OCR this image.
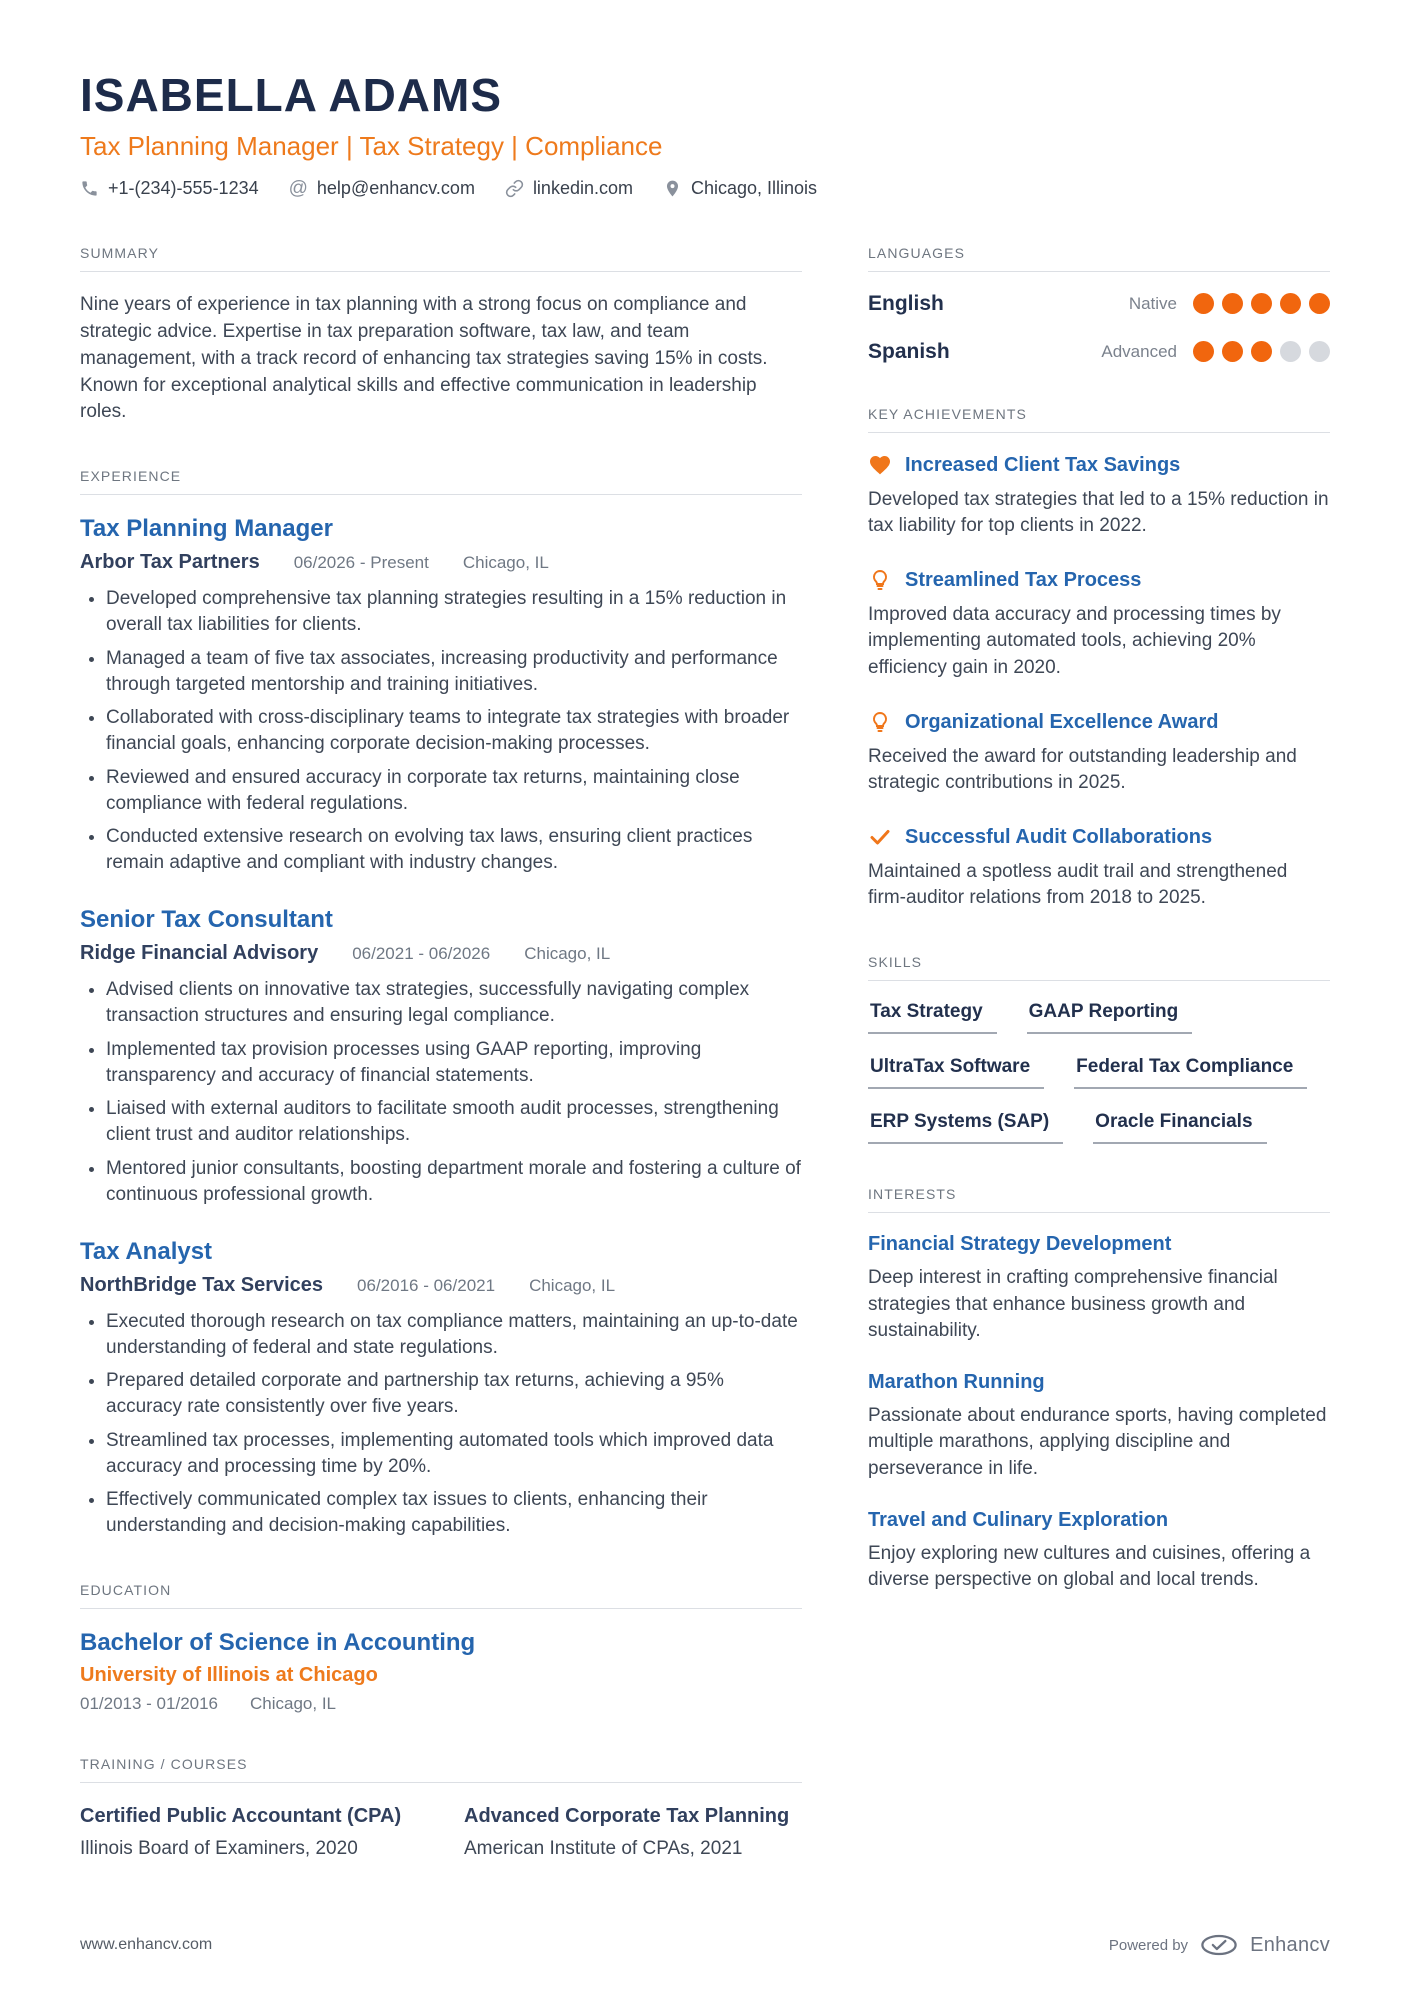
ISABELLA ADAMS
Tax Planning Manager | Tax Strategy | Compliance
+1-(234)-555-1234 @ help@enhancv.com	linkedin.com	Chicago, Illinois
SUMMARY

Nine years of experience in tax planning with a strong focus on compliance and strategic advice. Expertise in tax preparation software, tax law, and team management, with a track record of enhancing tax strategies saving 15% in costs. Known for exceptional analytical skills and effective communication in leadership roles.

EXPERIENCE
Tax Planning Manager
Arbor Tax Partners 06/2026 - Present Chicago, IL
• Developed comprehensive tax planning strategies resulting in a 15% reduction in overall tax liabilities for clients.
• Managed a team of five tax associates, increasing productivity and performance through targeted mentorship and training initiatives.
• Collaborated with cross-disciplinary teams to integrate tax strategies with broader financial goals, enhancing corporate decision-making processes.
• Reviewed and ensured accuracy in corporate tax returns, maintaining close compliance with federal regulations.
• Conducted extensive research on evolving tax laws, ensuring client practices remain adaptive and compliant with industry changes.
Senior Tax Consultant
Ridge Financial Advisory 06/2021 - 06/2026 Chicago, IL
• Advised clients on innovative tax strategies, successfully navigating complex transaction structures and ensuring legal compliance.
• Implemented tax provision processes using GAAP reporting, improving transparency and accuracy of financial statements.
• Liaised with external auditors to facilitate smooth audit processes, strengthening client trust and auditor relationships.
• Mentored junior consultants, boosting department morale and fostering a culture of continuous professional growth.
Tax Analyst
NorthBridge Tax Services 06/2016 - 06/2021 Chicago, IL
• Executed thorough research on tax compliance matters, maintaining an up-to-date understanding of federal and state regulations.
• Prepared detailed corporate and partnership tax returns, achieving a 95% accuracy rate consistently over five years.
• Streamlined tax processes, implementing automated tools which improved data accuracy and processing time by 20%.
• Effectively communicated complex tax issues to clients, enhancing their understanding and decision-making capabilities.
EDUCATION
Bachelor of Science in Accounting
University of Illinois at Chicago
01/2013 - 01/2016 Chicago, IL
TRAINING / COURSES
Certified Public Accountant (CPA)
Illinois Board of Examiners, 2020
Advanced Corporate Tax Planning
American Institute of CPAs, 2021
LANGUAGES
English	Native
Spanish	Advanced
KEY ACHIEVEMENTS
Increased Client Tax Savings

Developed tax strategies that led to a 15% reduction in tax liability for top clients in 2022.

Streamlined Tax Process

Improved data accuracy and processing times by implementing automated tools, achieving 20% efficiency gain in 2020.

Organizational Excellence Award

Received the award for outstanding leadership and strategic contributions in 2025.

Successful Audit Collaborations

Maintained a spotless audit trail and strengthened firm-auditor relations from 2018 to 2025.

SKILLS
Tax Strategy	GAAP Reporting
UltraTax Software	Federal Tax Compliance
ERP Systems (SAP)	Oracle Financials
INTERESTS
Financial Strategy Development

Deep interest in crafting comprehensive financial strategies that enhance business growth and sustainability.

Marathon Running

Passionate about endurance sports, having completed multiple marathons, applying discipline and perseverance in life.

Travel and Culinary Exploration

Enjoy exploring new cultures and cuisines, offering a diverse perspective on global and local trends.

www.enhancv.com	Powered by	Enhancv
